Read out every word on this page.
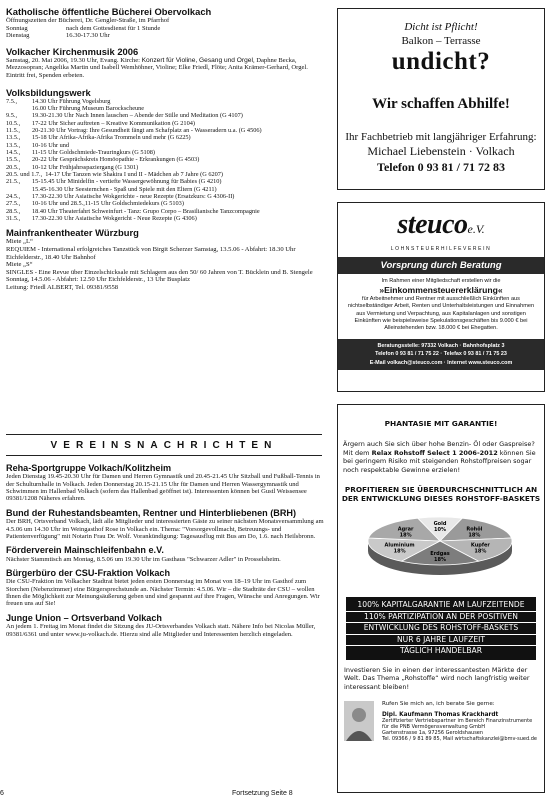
Katholische öffentliche Bücherei Obervolkach
Öffnungszeiten der Bücherei, Dr. Gengler-Straße, im Pfarrhof
Sonntag	nach dem Gottesdienst für 1 Stunde
Dienstag	16.30-17.30 Uhr
Volkacher Kirchenmusik 2006
Samstag, 20. Mai 2006, 19.30 Uhr, Evang. Kirche: Konzert für Violine, Gesang und Orgel, Daphne Becka, Mezzosopran; Angelika Martin und Isabell Wemhöhner, Violine; Elke Friedl, Flöte; Anita Krämer-Gerhard, Orgel. Eintritt frei, Spenden erbeten.
Volksbildungswerk
7.5.,	14.30 Uhr Führung Vogelsburg
16.00 Uhr Führung Museum Barockscheune
9.5.,	19.30-21.30 Uhr Nach Innen lauschen – Abende der Stille und Meditation (G 4107)
10.5.,	17-22 Uhr Sicher auftreten – Kreative Kommunikation (G 2104)
11.5.,	20-21.30 Uhr Vortrag: Ihre Gesundheit fängt am Schafplatz an - Wasseradern u.a. (G 4506)
13.5.,	15-18 Uhr Afrika-Afrika-Afrika Trommeln und mehr (G 6225)
13.5.,	10-16 Uhr und
14.5.,	11-15 Uhr Goldschmiede-Trauringkurs (G 5108)
15.5.,	20-22 Uhr Gesprächskreis Homöopathie - Erkrankungen (G 4503)
20.5.,	10-12 Uhr Frühjahrsspaziergang (G 1301)
20.5. und 1.7., 14-17 Uhr Tanzen wie Shakira I und II - Mädchen ab 7 Jahre (G 6207)
21.5.,	15-15.45 Uhr Minidelfin - vertiefte Wassergewöhnung für Babies (G 4210)
15.45-16.30 Uhr Seesternchen - Spaß und Spiele mit den Eltern (G 4211)
24.5.,	17.30-22.30 Uhr Asiatische Wokgerichte - neue Rezepte (Ersatzkurs: G 4306-II)
27.5.,	10-16 Uhr und 28.5.,11-15 Uhr Goldschmiedekurs (G 5103)
28.5.,	18.40 Uhr Theaterfahrt Schweinfurt - Tanz: Grupo Corpo – Brasilianische Tanzcompagnie
31.5.,	17.30-22.30 Uhr Asiatische Wokgericht - Neue Rezepte (G 4306)
Mainfrankentheater Würzburg
Miete „L“
REQUIEM - International erfolgreiches Tanzstück von Birgit Scherzer Samstag, 13.5.06 - Abfahrt: 18.30 Uhr Eichfelderstr., 18.40 Uhr Bahnhof
Miete „S“
SINGLES - Eine Revue über Einzelschicksale mit Schlagern aus den 50/ 60 Jahren von T. Bücklein und B. Stengele
Sonntag, 14.5.06 - Abfahrt: 12.50 Uhr Eichfelderstr., 13 Uhr Busplatz
Leitung: Friedl ALBERT, Tel. 09381/9558
VEREINSNACHRICHTEN
Reha-Sportgruppe Volkach/Kolitzheim
Jeden Dienstag 19.45-20.30 Uhr für Damen und Herren Gymnastik und 20.45-21.45 Uhr Sitzball und Fußball-Tennis in der Schulturnhalle in Volkach. Jeden Donnerstag 20.15-21.15 Uhr für Damen und Herren Wassergymnastik und Schwimmen im Hallenbad Volkach (sofern das Hallenbad geöffnet ist). Interessenten können bei Gustl Weissensee 09381/1208 Näheres erfahren.
Bund der Ruhestandsbeamten, Rentner und Hinterbliebenen (BRH)
Der BRH, Ortsverband Volkach, lädt alle Mitglieder und interessierten Gäste zu seiner nächsten Monatsversammlung am 4.5.06 um 14.30 Uhr im Weingasthof Rose in Volkach ein. Thema: "Vorsorgevollmacht, Betreuungs- und Patientenverfügung" mit Notarin Frau Dr. Wolf. Vorankündigung: Tagesausflug mit Bus am Do, 1.6. nach Heilsbronn.
Förderverein Mainschleifenbahn e.V.
Nächster Stammtisch am Montag, 8.5.06 um 19.30 Uhr im Gasthaus "Schwarzer Adler" in Prosselsheim.
Bürgerbüro der CSU-Fraktion Volkach
Die CSU-Fraktion im Volkacher Stadtrat bietet jeden ersten Donnerstag im Monat von 18–19 Uhr im Gasthof zum Storchen (Nebenzimmer) eine Bürgersprechstunde an. Nächster Termin: 4.5.06. Wir – die Stadträte der CSU – wollen Ihnen die Möglichkeit zur Meinungsäußerung geben und sind gespannt auf ihre Fragen, Wünsche und Anregungen. Wir freuen uns auf Sie!
Junge Union – Ortsverband Volkach
An jedem 1. Freitag im Monat findet die Sitzung des JU-Ortsverbandes Volkach statt. Nähere Info bei Nicolas Müller, 09381/6361 und unter www.ju-volkach.de. Hierzu sind alle Mitglieder und Interessenten herzlich eingeladen.
Dicht ist Pflicht!
Balkon – Terrasse
undicht?
Wir schaffen Abhilfe!
Ihr Fachbetrieb mit langjähriger Erfahrung:
Michael Liebenstein · Volkach
Telefon 0 93 81 / 71 72 83
steucoe.V.
LOHNSTEUERHILFEVEREIN
Vorsprung durch Beratung
Im Rahmen einer Mitgliedschaft erstellen wir die
»Einkommensteuererklärung«
für Arbeitnehmer und Rentner mit ausschließlich Einkünften aus nichtselbständiger Arbeit, Renten und Unterhaltsleistungen und Einnahmen aus Vermietung und Verpachtung, aus Kapitalanlagen und sonstigen Einkünften wie beispielsweise Spekulationsgeschäften bis 9.000 € bei Alleinstehenden bzw. 18.000 € bei Ehegatten.
Beratungsstelle: 97332 Volkach · Bahnhofsplatz 3
Telefon 0 93 81 / 71 75 22 · Telefax 0 93 81 / 71 75 23
E-Mail volkach@steuco.com · Internet www.steuco.com
PHANTASIE MIT GARANTIE!
Ärgern auch Sie sich über hohe Benzin- Öl oder Gaspreise? Mit dem Relax Rohstoff Select 1 2006-2012 können Sie bei geringem Risiko mit steigenden Rohstoffpreisen sogar noch respektable Gewinne erzielen!
PROFITIEREN SIE ÜBERDURCHSCHNITTLICH AN DER ENTWICKLUNG DIESES ROHSTOFF-BASKETS
Gold
10%	Rohöl
18%
Kupfer
18%
Erdgas
18%
Aluminium
18%
Agrar
18%
100% KAPITALGARANTIE AM LAUFZEITENDE
110% PARTIZIPATION AN DER POSITIVEN
ENTWICKLUNG DES ROHSTOFF-BASKETS
NUR 6 JAHRE LAUFZEIT
TÄGLICH HANDELBAR
Investieren Sie in einen der interessantesten Märkte der Welt. Das Thema „Rohstoffe“ wird noch langfristig weiter interessant bleiben!
Rufen Sie mich an, ich berate Sie gerne:
Dipl. Kaufmann Thomas Krackhardt
Zertifizierter Vertriebspartner im Bereich Finanzinstrumente
für die PNB Vermögensverwaltung GmbH
Gartenstrasse 1a, 97256 Geroldshausen
Tel. 09366 / 9 81 89 85, Mail wirtschaftskanzlei@bmv-sued.de
6	Fortsetzung Seite 8
